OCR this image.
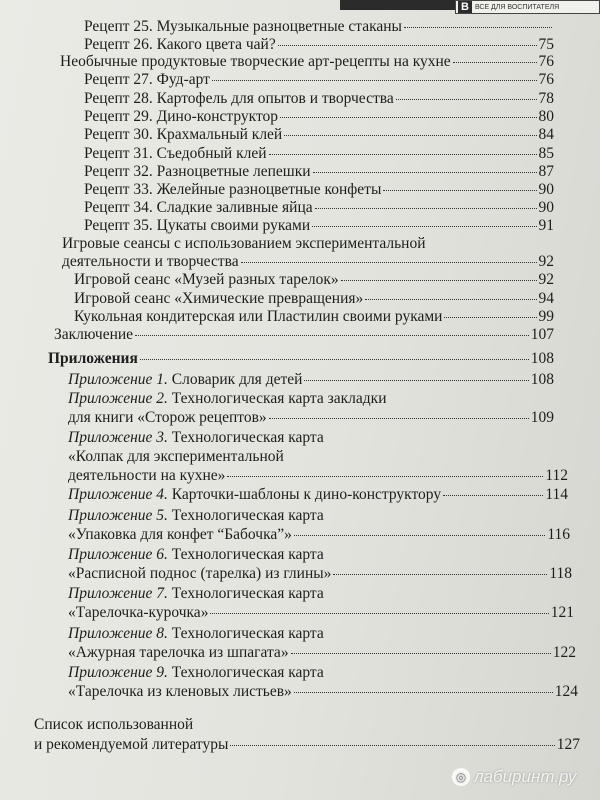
В ВСЕ ДЛЯ ВОСПИТАТЕЛЯ
Рецепт 25. Музыкальные разноцветные стаканы
Рецепт 26. Какого цвета чай?	75
Необычные продуктовые творческие арт-рецепты на кухне	76
Рецепт 27. Фуд-арт	76
Рецепт 28. Картофель для опытов и творчества	78
Рецепт 29. Дино-конструктор	80
Рецепт 30. Крахмальный клей	84
Рецепт 31. Съедобный клей	85
Рецепт 32. Разноцветные лепешки	87
Рецепт 33. Желейные разноцветные конфеты	90
Рецепт 34. Сладкие заливные яйца	90
Рецепт 35. Цукаты своими руками	91
Игровые сеансы с использованием экспериментальной
деятельности и творчества	92
Игровой сеанс «Музей разных тарелок»	92
Игровой сеанс «Химические превращения»	94
Кукольная кондитерская или Пластилин своими руками	99
Заключение	107
Приложения	108
Приложение 1. Словарик для детей	108
Приложение 2. Технологическая карта закладки
для книги «Сторож рецептов»	109
Приложение 3. Технологическая карта
«Колпак для экспериментальной
деятельности на кухне»	112
Приложение 4. Карточки-шаблоны к дино-конструктору	114
Приложение 5. Технологическая карта
«Упаковка для конфет “Бабочка”»	116
Приложение 6. Технологическая карта
«Расписной поднос (тарелка) из глины»	118
Приложение 7. Технологическая карта
«Тарелочка-курочка»	121
Приложение 8. Технологическая карта
«Ажурная тарелочка из шпагата»	122
Приложение 9. Технологическая карта
«Тарелочка из кленовых листьев»	124
Список использованной
и рекомендуемой литературы	127
◎ лабиринт.ру
